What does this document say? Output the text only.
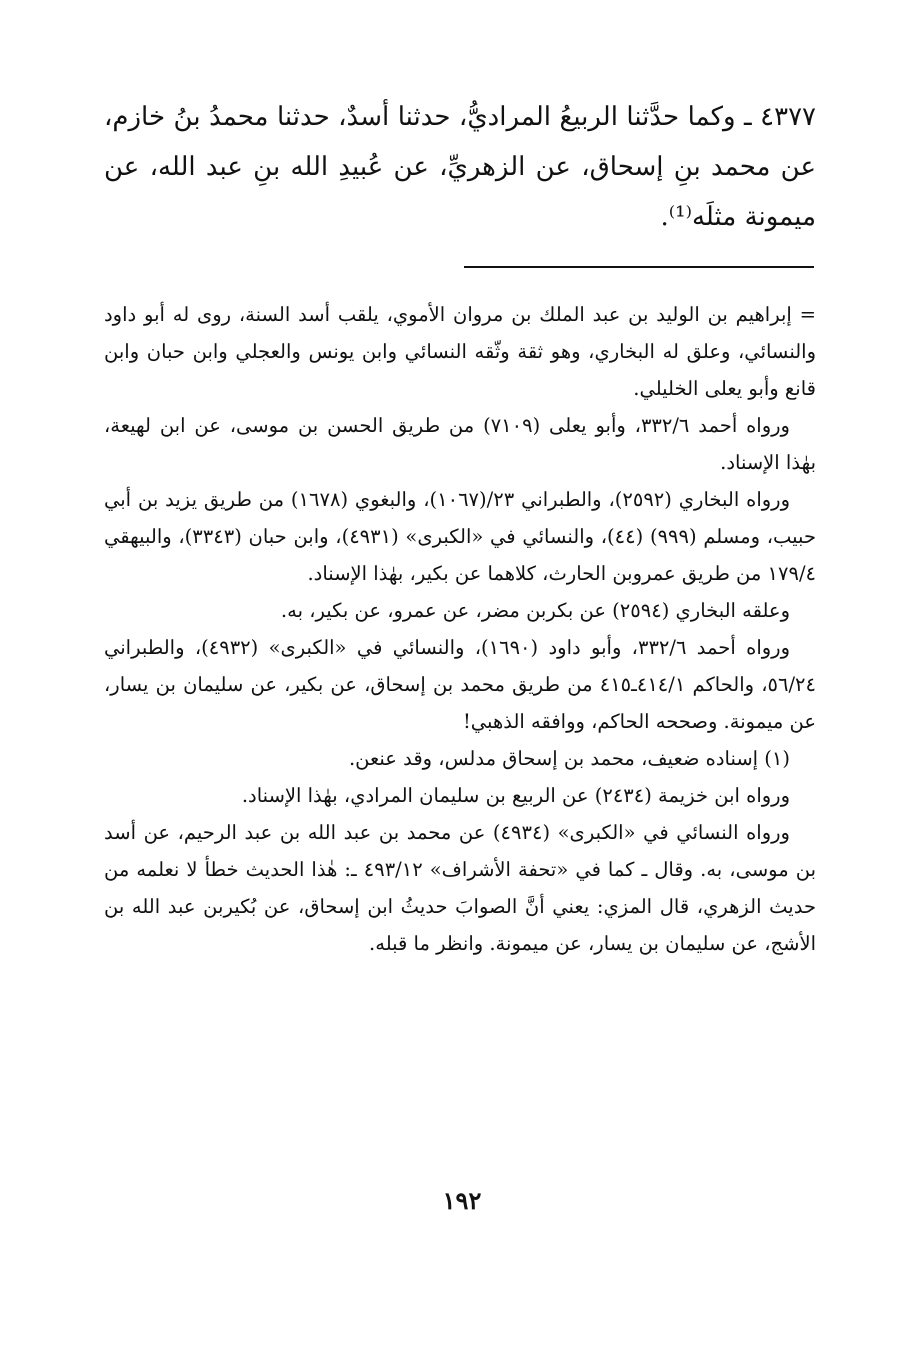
٤٣٧٧ ـ وكما حدَّثنا الربيعُ المراديُّ، حدثنا أسدٌ، حدثنا محمدُ بنُ خازم، عن محمد بنِ إسحاق، عن الزهريِّ، عن عُبيدِ الله بنِ عبد الله، عن ميمونة مثلَه⁽¹⁾.

= إبراهيم بن الوليد بن عبد الملك بن مروان الأموي، يلقب أسد السنة، روى له أبو داود والنسائي، وعلق له البخاري، وهو ثقة وثّقه النسائي وابن يونس والعجلي وابن حبان وابن قانع وأبو يعلى الخليلي.

ورواه أحمد ٣٣٢/٦، وأبو يعلى (٧١٠٩) من طريق الحسن بن موسى، عن ابن لهيعة، بهٰذا الإسناد.

ورواه البخاري (٢٥٩٢)، والطبراني ٢٣/(١٠٦٧)، والبغوي (١٦٧٨) من طريق يزيد بن أبي حبيب، ومسلم (٩٩٩) (٤٤)، والنسائي في «الكبرى» (٤٩٣١)، وابن حبان (٣٣٤٣)، والبيهقي ١٧٩/٤ من طريق عمروبن الحارث، كلاهما عن بكير، بهٰذا الإسناد.

وعلقه البخاري (٢٥٩٤) عن بكربن مضر، عن عمرو، عن بكير، به.

ورواه أحمد ٣٣٢/٦، وأبو داود (١٦٩٠)، والنسائي في «الكبرى» (٤٩٣٢)، والطبراني ٥٦/٢٤، والحاكم ٤١٤/١ـ٤١٥ من طريق محمد بن إسحاق، عن بكير، عن سليمان بن يسار، عن ميمونة. وصححه الحاكم، ووافقه الذهبي!

(١) إسناده ضعيف، محمد بن إسحاق مدلس، وقد عنعن.

ورواه ابن خزيمة (٢٤٣٤) عن الربيع بن سليمان المرادي، بهٰذا الإسناد.

ورواه النسائي في «الكبرى» (٤٩٣٤) عن محمد بن عبد الله بن عبد الرحيم، عن أسد بن موسى، به. وقال ـ كما في «تحفة الأشراف» ٤٩٣/١٢ ـ: هٰذا الحديث خطأ لا نعلمه من حديث الزهري، قال المزي: يعني أنَّ الصوابَ حديثُ ابن إسحاق، عن بُكيربن عبد الله بن الأشج، عن سليمان بن يسار، عن ميمونة. وانظر ما قبله.

١٩٢
